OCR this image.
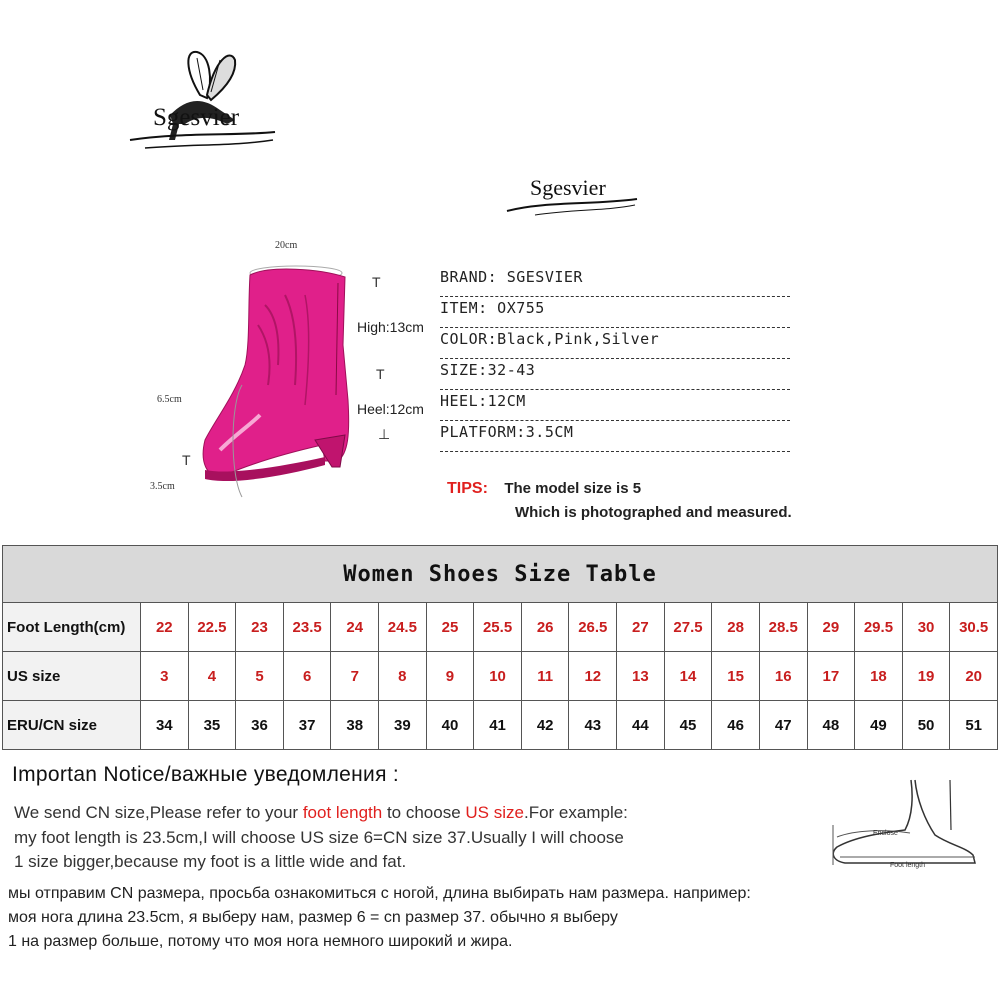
Sgesvier
Sgesvier
20cm
T
High:13cm
T
Heel:12cm
⊥
6.5cm
T
3.5cm
BRAND: SGESVIER
ITEM: OX755
COLOR:Black,Pink,Silver
SIZE:32-43
HEEL:12CM
PLATFORM:3.5CM
TIPS: The model size is 5
Which is photographed and measured.
Women Shoes Size Table																		
Foot Length(cm)	22	22.5	23	23.5	24	24.5	25	25.5	26	26.5	27	27.5	28	28.5	29	29.5	30	30.5
US size	3	4	5	6	7	8	9	10	11	12	13	14	15	16	17	18	19	20
ERU/CN size	34	35	36	37	38	39	40	41	42	43	44	45	46	47	48	49	50	51
Importan Notice/важные уведомления :
We send CN size,Please refer to your foot length to choose US size.For example:
my foot length is 23.5cm,I will choose US size 6=CN size 37.Usually I will choose
1 size bigger,because my foot is a little wide and fat.
мы отправим CN размера, просьба ознакомиться с ногой, длина выбирать нам размера. например:
моя нога длина 23.5cm, я выберу нам, размер 6 = cn размер 37. обычно я выберу
1 на размер больше, потому что моя нога немного широкий и жира.
Enclose
Foot length
